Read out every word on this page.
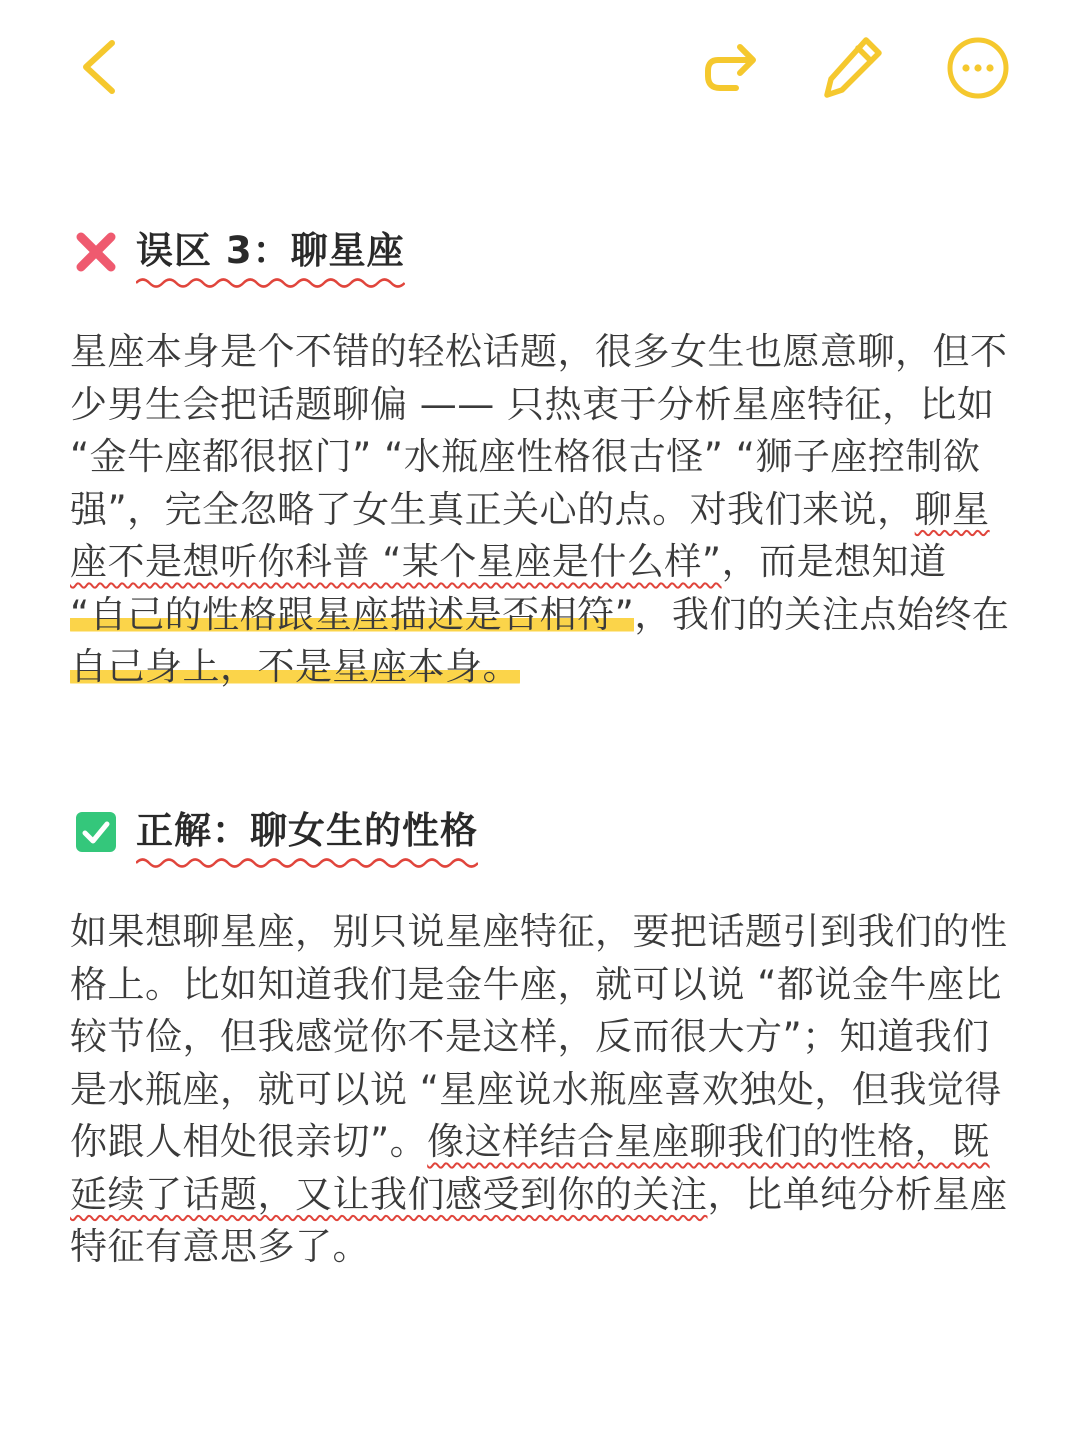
误区 3：聊星座

星座本身是个不错的轻松话题，很多女生也愿意聊，但不少男生会把话题聊偏 —— 只热衷于分析星座特征，比如 “金牛座都很抠门” “水瓶座性格很古怪” “狮子座控制欲强”，完全忽略了女生真正关心的点。对我们来说，聊星座不是想听你科普 “某个星座是什么样”，而是想知道 “自己的性格跟星座描述是否相符”，我们的关注点始终在自己身上，不是星座本身。

正解：聊女生的性格

如果想聊星座，别只说星座特征，要把话题引到我们的性格上。比如知道我们是金牛座，就可以说 “都说金牛座比较节俭，但我感觉你不是这样，反而很大方”；知道我们是水瓶座，就可以说 “星座说水瓶座喜欢独处，但我觉得你跟人相处很亲切”。像这样结合星座聊我们的性格，既延续了话题，又让我们感受到你的关注，比单纯分析星座特征有意思多了。
